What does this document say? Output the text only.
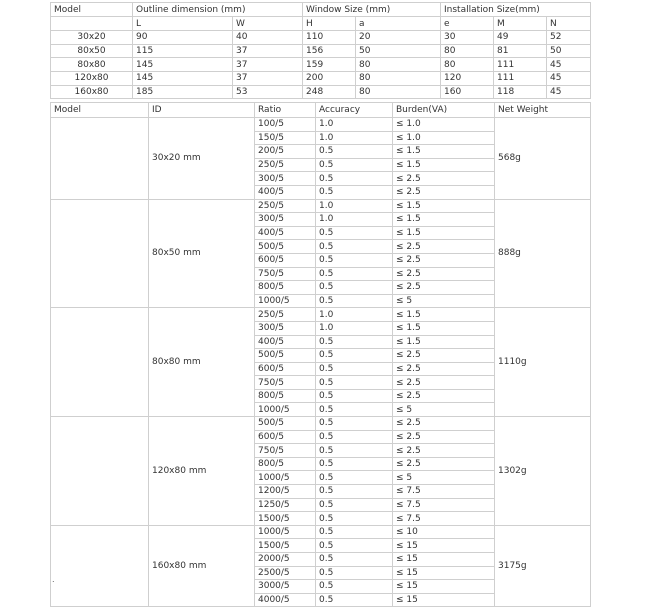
Model	Outline dimension (mm)		Window Size (mm)		Installation Size(mm)		
	L	W	H	a	e	M	N
30x20	90	40	110	20	30	49	52
80x50	115	37	156	50	80	81	50
80x80	145	37	159	80	80	111	45
120x80	145	37	200	80	120	111	45
160x80	185	53	248	80	160	118	45
Model	ID	Ratio	Accuracy	Burden(VA)	Net Weight
	30x20 mm	100/5	1.0	≤ 1.0	568g
		150/5	1.0	≤ 1.0	
		200/5	0.5	≤ 1.5	
		250/5	0.5	≤ 1.5	
		300/5	0.5	≤ 2.5	
		400/5	0.5	≤ 2.5	
	80x50 mm	250/5	1.0	≤ 1.5	888g
		300/5	1.0	≤ 1.5	
		400/5	0.5	≤ 1.5	
		500/5	0.5	≤ 2.5	
		600/5	0.5	≤ 2.5	
		750/5	0.5	≤ 2.5	
		800/5	0.5	≤ 2.5	
		1000/5	0.5	≤ 5	
	80x80 mm	250/5	1.0	≤ 1.5	1110g
		300/5	1.0	≤ 1.5	
		400/5	0.5	≤ 1.5	
		500/5	0.5	≤ 2.5	
		600/5	0.5	≤ 2.5	
		750/5	0.5	≤ 2.5	
		800/5	0.5	≤ 2.5	
		1000/5	0.5	≤ 5	
	120x80 mm	500/5	0.5	≤ 2.5	1302g
		600/5	0.5	≤ 2.5	
		750/5	0.5	≤ 2.5	
		800/5	0.5	≤ 2.5	
		1000/5	0.5	≤ 5	
		1200/5	0.5	≤ 7.5	
		1250/5	0.5	≤ 7.5	
		1500/5	0.5	≤ 7.5	
	160x80 mm	1000/5	0.5	≤ 10	3175g
		1500/5	0.5	≤ 15	
		2000/5	0.5	≤ 15	
		2500/5	0.5	≤ 15	
		3000/5	0.5	≤ 15	
		4000/5	0.5	≤ 15	
.
